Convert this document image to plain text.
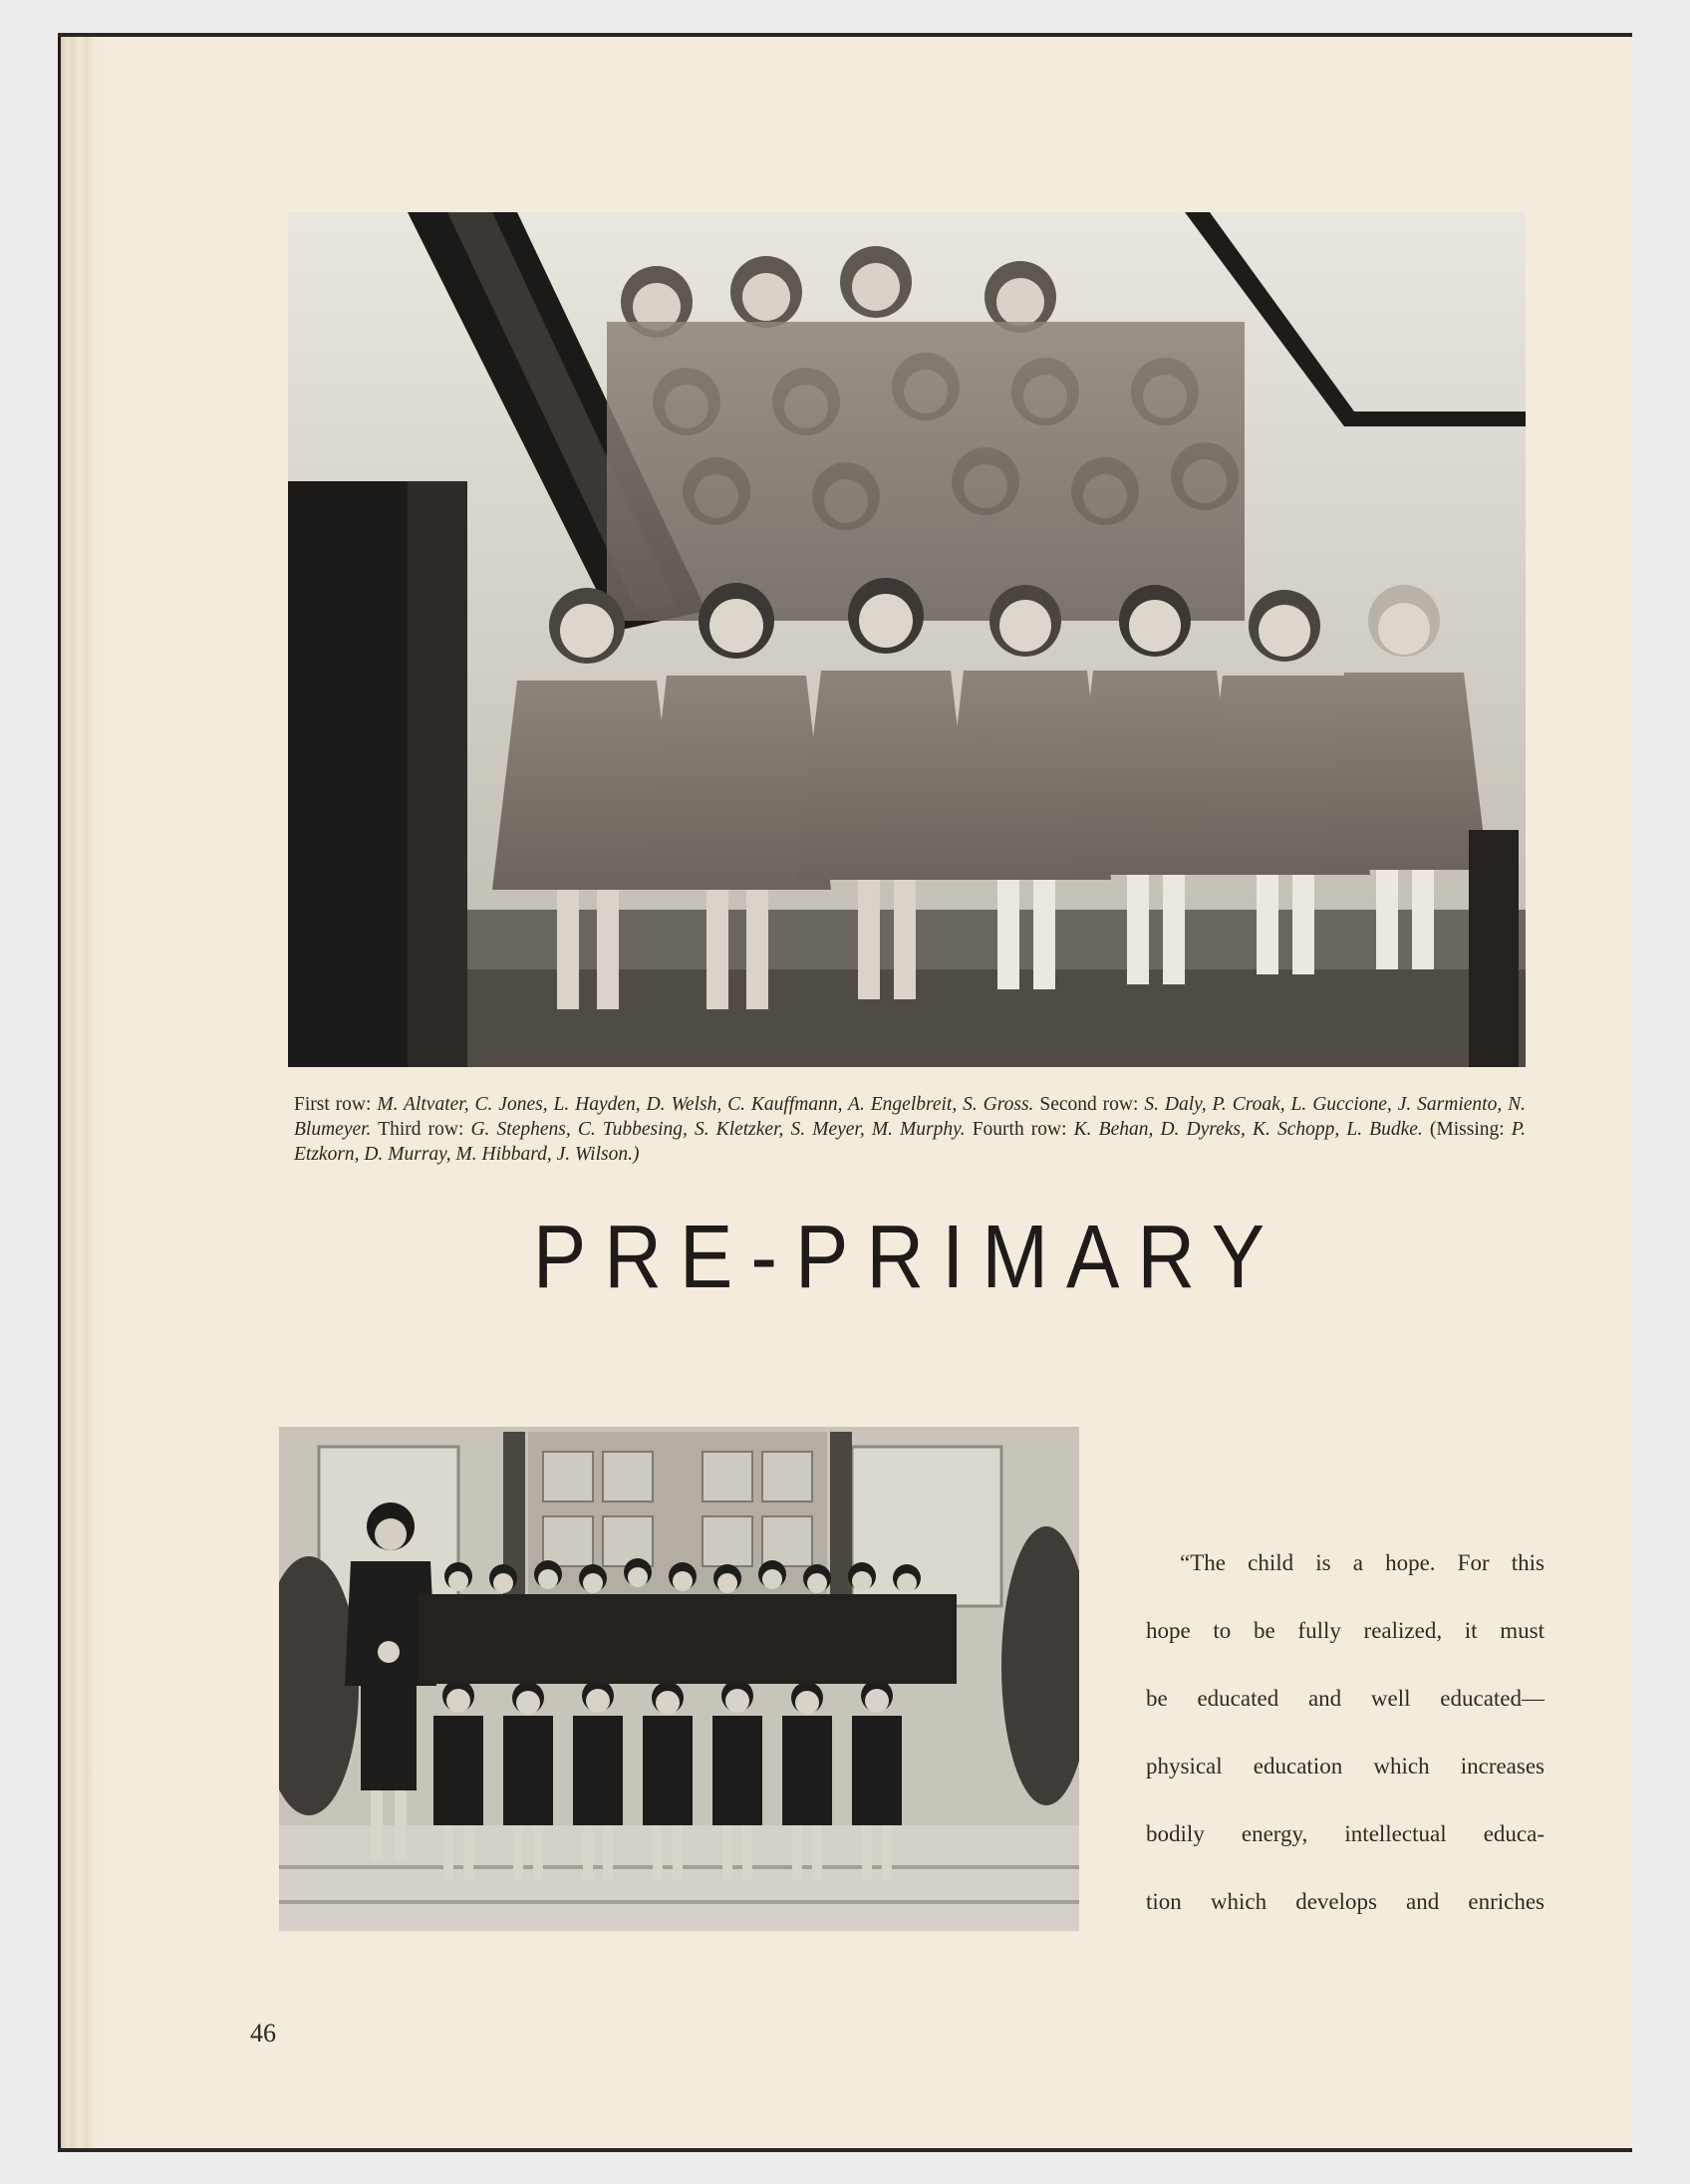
First row: M. Altvater, C. Jones, L. Hayden, D. Welsh, C. Kauffmann, A. Engelbreit, S. Gross. Second row: S. Daly, P. Croak, L. Guccione, J. Sarmiento, N. Blumeyer. Third row: G. Stephens, C. Tubbesing, S. Kletzker, S. Meyer, M. Murphy. Fourth row: K. Behan, D. Dyreks, K. Schopp, L. Budke. (Missing: P. Etzkorn, D. Murray, M. Hibbard, J. Wilson.)
PRE-PRIMARY
“The child is a hope. For this
hope to be fully realized, it must
be educated and well educated—
physical education which increases
bodily energy, intellectual educa-
tion which develops and enriches
46
